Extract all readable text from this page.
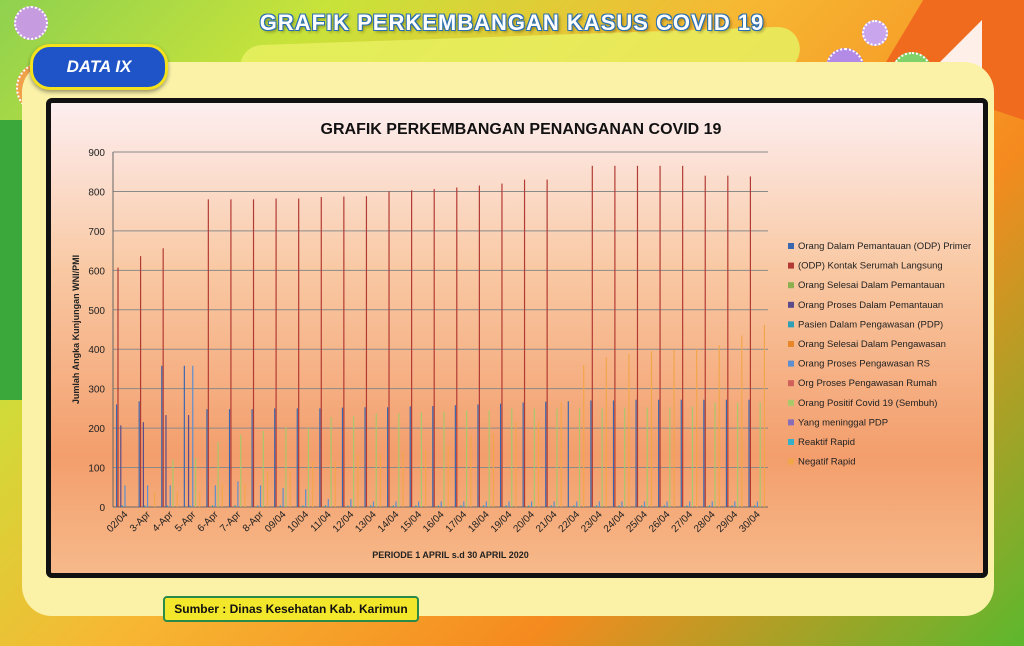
GRAFIK PERKEMBANGAN KASUS COVID 19
DATA IX
GRAFIK PERKEMBANGAN PENANGANAN COVID 19
0
100
200
300
400
500
600
700
800
900
Jumlah Angka Kunjungan WNI/PMI
02/04
3-Apr
4-Apr
5-Apr
6-Apr
7-Apr
8-Apr
09/04
10/04
11/04
12/04
13/04
14/04
15/04
16/04
17/04
18/04
19/04
20/04
21/04
22/04
23/04
24/04
25/04
26/04
27/04
28/04
29/04
30/04
PERIODE 1 APRIL s.d 30 APRIL 2020
Orang Dalam Pemantauan (ODP) Primer
(ODP) Kontak Serumah Langsung
Orang Selesai Dalam Pemantauan
Orang Proses Dalam Pemantauan
Pasien Dalam Pengawasan (PDP)
Orang Selesai Dalam Pengawasan
Orang Proses Pengawasan RS
Org Proses Pengawasan Rumah
Orang Positif Covid 19 (Sembuh)
Yang meninggal PDP
Reaktif Rapid
Negatif Rapid
Sumber : Dinas Kesehatan Kab. Karimun
